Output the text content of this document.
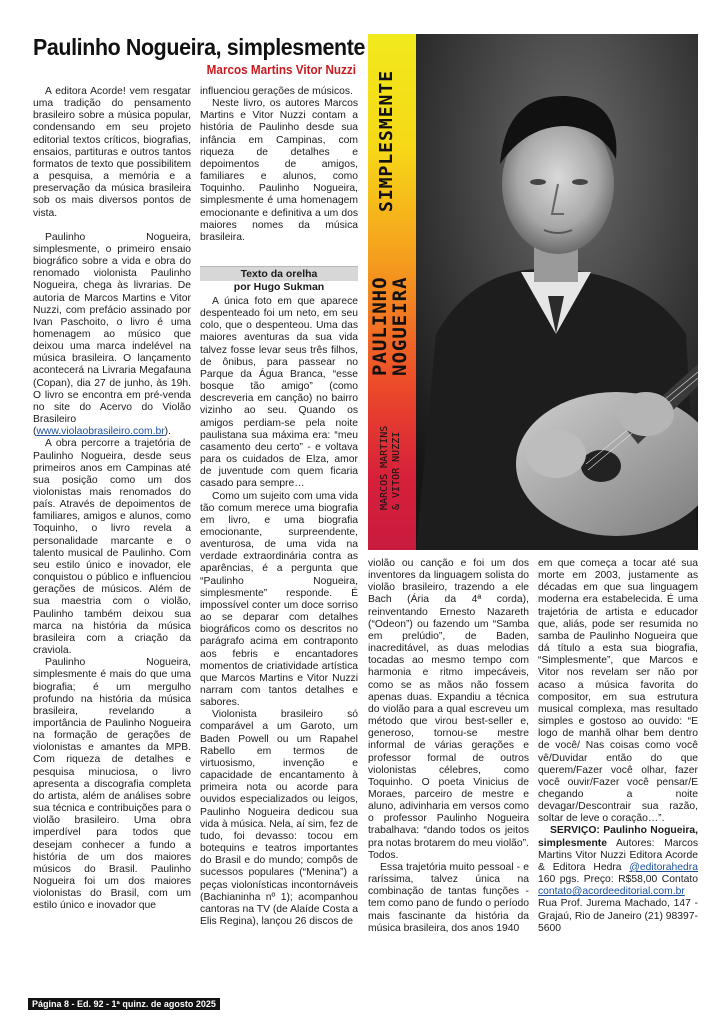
Paulinho Nogueira, simplesmente
Marcos Martins Vitor Nuzzi

A editora Acorde! vem resgatar uma tradição do pensamento brasileiro sobre a música popular, condensando em seu projeto editorial textos críticos, biografias, ensaios, partituras e outros tantos formatos de texto que possibilitem a pesquisa, a memória e a preservação da música brasileira sob os mais diversos pontos de vista.

Paulinho Nogueira, simplesmente, o primeiro ensaio biográfico sobre a vida e obra do renomado violonista Paulinho Nogueira, chega às livrarias. De autoria de Marcos Martins e Vitor Nuzzi, com prefácio assinado por Ivan Paschoito, o livro é uma homenagem ao músico que deixou uma marca indelével na música brasileira. O lançamento acontecerá na Livraria Megafauna (Copan), dia 27 de junho, às 19h. O livro se encontra em pré-venda no site do Acervo do Violão Brasileiro (www.violaobrasileiro.com.br).

A obra percorre a trajetória de Paulinho Nogueira, desde seus primeiros anos em Campinas até sua posição como um dos violonistas mais renomados do país. Através de depoimentos de familiares, amigos e alunos, como Toquinho, o livro revela a personalidade marcante e o talento musical de Paulinho. Com seu estilo único e inovador, ele conquistou o público e influenciou gerações de músicos. Além de sua maestria com o violão, Paulinho também deixou sua marca na história da música brasileira com a criação da craviola.

Paulinho Nogueira, simplesmente é mais do que uma biografia; é um mergulho profundo na história da música brasileira, revelando a importância de Paulinho Nogueira na formação de gerações de violonistas e amantes da MPB. Com riqueza de detalhes e pesquisa minuciosa, o livro apresenta a discografia completa do artista, além de análises sobre sua técnica e contribuições para o violão brasileiro. Uma obra imperdível para todos que desejam conhecer a fundo a história de um dos maiores músicos do Brasil. Paulinho Nogueira foi um dos maiores violonistas do Brasil, com um estilo único e inovador que

influenciou gerações de músicos.

Neste livro, os autores Marcos Martins e Vitor Nuzzi contam a história de Paulinho desde sua infância em Campinas, com riqueza de detalhes e depoimentos de amigos, familiares e alunos, como Toquinho. Paulinho Nogueira, simplesmente é uma homenagem emocionante e definitiva a um dos maiores nomes da música brasileira.

Texto da orelha
por Hugo Sukman

A única foto em que aparece despenteado foi um neto, em seu colo, que o despenteou. Uma das maiores aventuras da sua vida talvez fosse levar seus três filhos, de ônibus, para passear no Parque da Água Branca, “esse bosque tão amigo” (como descreveria em canção) no bairro vizinho ao seu. Quando os amigos perdiam-se pela noite paulistana sua máxima era: “meu casamento deu certo” - e voltava para os cuidados de Elza, amor de juventude com quem ficaria casado para sempre…

Como um sujeito com uma vida tão comum merece uma biografia em livro, e uma biografia emocionante, surpreendente, aventurosa, de uma vida na verdade extraordinária contra as aparências, é a pergunta que “Paulinho Nogueira, simplesmente” responde. É impossível conter um doce sorriso ao se deparar com detalhes biográficos como os descritos no parágrafo acima em contraponto aos febris e encantadores momentos de criatividade artística que Marcos Martins e Vitor Nuzzi narram com tantos detalhes e sabores.

Violonista brasileiro só comparável a um Garoto, um Baden Powell ou um Rapahel Rabello em termos de virtuosismo, invenção e capacidade de encantamento à primeira nota ou acorde para ouvidos especializados ou leigos, Paulinho Nogueira dedicou sua vida à música. Nela, aí sim, fez de tudo, foi devasso: tocou em botequins e teatros importantes do Brasil e do mundo; compôs de sucessos populares (“Menina”) a peças violonísticas incontornáveis (Bachianinha nº 1); acompanhou cantoras na TV (de Alaíde Costa a Elis Regina), lançou 26 discos de

SIMPLESMENTE
PAULINHO
NOGUEIRA
MARCOS MARTINS & VITOR NUZZI

violão ou canção e foi um dos inventores da linguagem solista do violão brasileiro, trazendo a ele Bach (Ária da 4ª corda), reinventando Ernesto Nazareth (“Odeon”) ou fazendo um “Samba em prelúdio”, de Baden, inacreditável, as duas melodias tocadas ao mesmo tempo com harmonia e ritmo impecáveis, como se as mãos não fossem apenas duas. Expandiu a técnica do violão para a qual escreveu um método que virou best-seller e, generoso, tornou-se mestre informal de várias gerações e professor formal de outros violonistas célebres, como Toquinho. O poeta Vinicius de Moraes, parceiro de mestre e aluno, adivinharia em versos como o professor Paulinho Nogueira trabalhava: “dando todos os jeitos pra notas brotarem do meu violão”. Todos.

Essa trajetória muito pessoal - e raríssima, talvez única na combinação de tantas funções - tem como pano de fundo o período mais fascinante da história da música brasileira, dos anos 1940

em que começa a tocar até sua morte em 2003, justamente as décadas em que sua linguagem moderna era estabelecida. É uma trajetória de artista e educador que, aliás, pode ser resumida no samba de Paulinho Nogueira que dá título a esta sua biografia, “Simplesmente”, que Marcos e Vitor nos revelam ser não por acaso a música favorita do compositor, em sua estrutura musical complexa, mas resultado simples e gostoso ao ouvido: “E logo de manhã olhar bem dentro de você/ Nas coisas como você vê/Duvidar então do que querem/Fazer você olhar, fazer você ouvir/Fazer você pensar/E chegando a noite devagar/Descontrair sua razão, soltar de leve o coração…”.

SERVIÇO: Paulinho Nogueira, simplesmente Autores: Marcos Martins Vitor Nuzzi Editora Acorde & Editora Hedra @editorahedra 160 pgs. Preço: R$58,00 Contato contato@acordeeditorial.com.br Rua Prof. Jurema Machado, 147 - Grajaú, Rio de Janeiro (21) 98397-5600

Página 8 - Ed. 92 - 1ª quinz. de agosto 2025
